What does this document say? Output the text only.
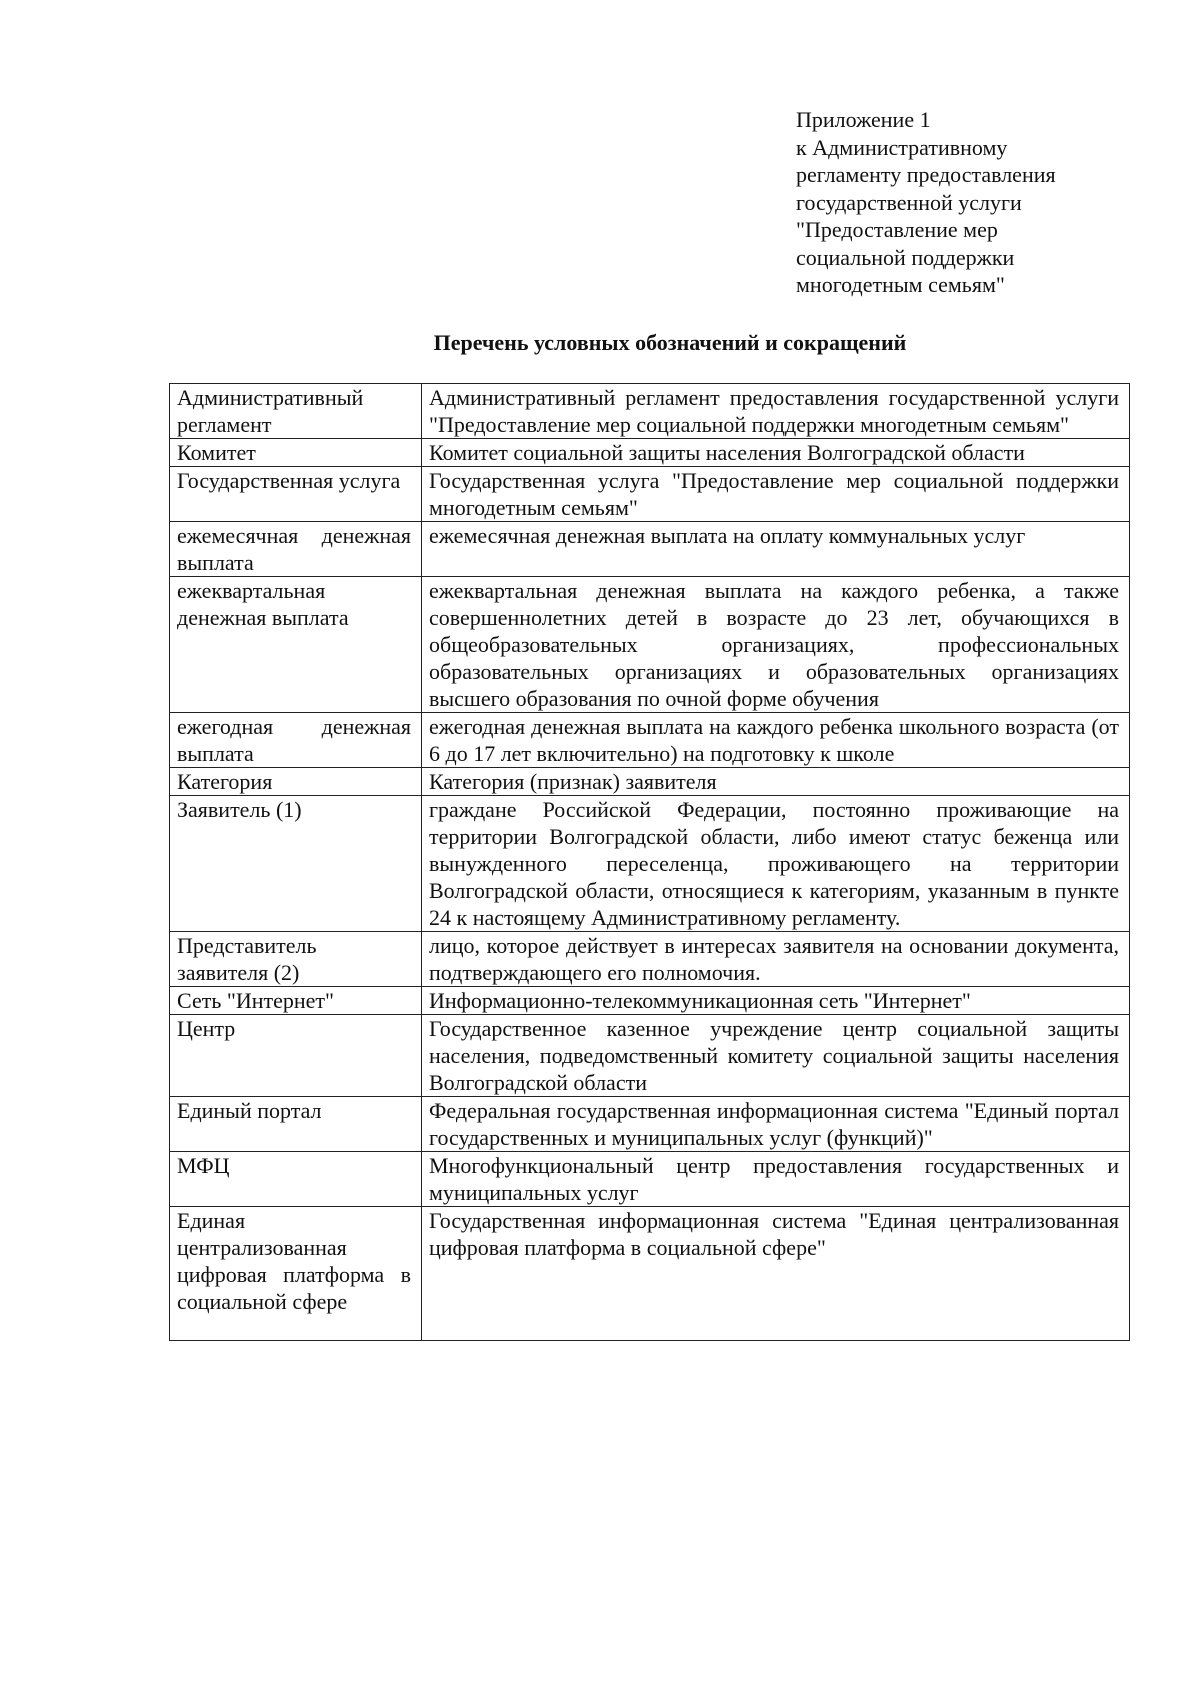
Приложение 1
к Административному
регламенту предоставления
государственной услуги
"Предоставление мер
социальной поддержки
многодетным семьям"
Перечень условных обозначений и сокращений
Административный регламент	Административный регламент предоставления государственной услуги "Предоставление мер социальной поддержки многодетным семьям"
Комитет	Комитет социальной защиты населения Волгоградской области
Государственная услуга	Государственная услуга "Предоставление мер социальной поддержки многодетным семьям"
ежемесячная денежная выплата	ежемесячная денежная выплата на оплату коммунальных услуг
ежеквартальная денежная выплата	ежеквартальная денежная выплата на каждого ребенка, а также совершеннолетних детей в возрасте до 23 лет, обучающихся в общеобразовательных организациях, профессиональных образовательных организациях и образовательных организациях высшего образования по очной форме обучения
ежегодная денежная выплата	ежегодная денежная выплата на каждого ребенка школьного возраста (от 6 до 17 лет включительно) на подготовку к школе
Категория	Категория (признак) заявителя
Заявитель (1)	граждане Российской Федерации, постоянно проживающие на территории Волгоградской области, либо имеют статус беженца или вынужденного переселенца, проживающего на территории Волгоградской области, относящиеся к категориям, указанным в пункте 24 к настоящему Административному регламенту.
Представитель заявителя (2)	лицо, которое действует в интересах заявителя на основании документа, подтверждающего его полномочия.
Сеть "Интернет"	Информационно-телекоммуникационная сеть "Интернет"
Центр	Государственное казенное учреждение центр социальной защиты населения, подведомственный комитету социальной защиты населения Волгоградской области
Единый портал	Федеральная государственная информационная система "Единый портал государственных и муниципальных услуг (функций)"
МФЦ	Многофункциональный центр предоставления государственных и муниципальных услуг
Единая централизованная цифровая платформа в социальной сфере	Государственная информационная система "Единая централизованная цифровая платформа в социальной сфере"
